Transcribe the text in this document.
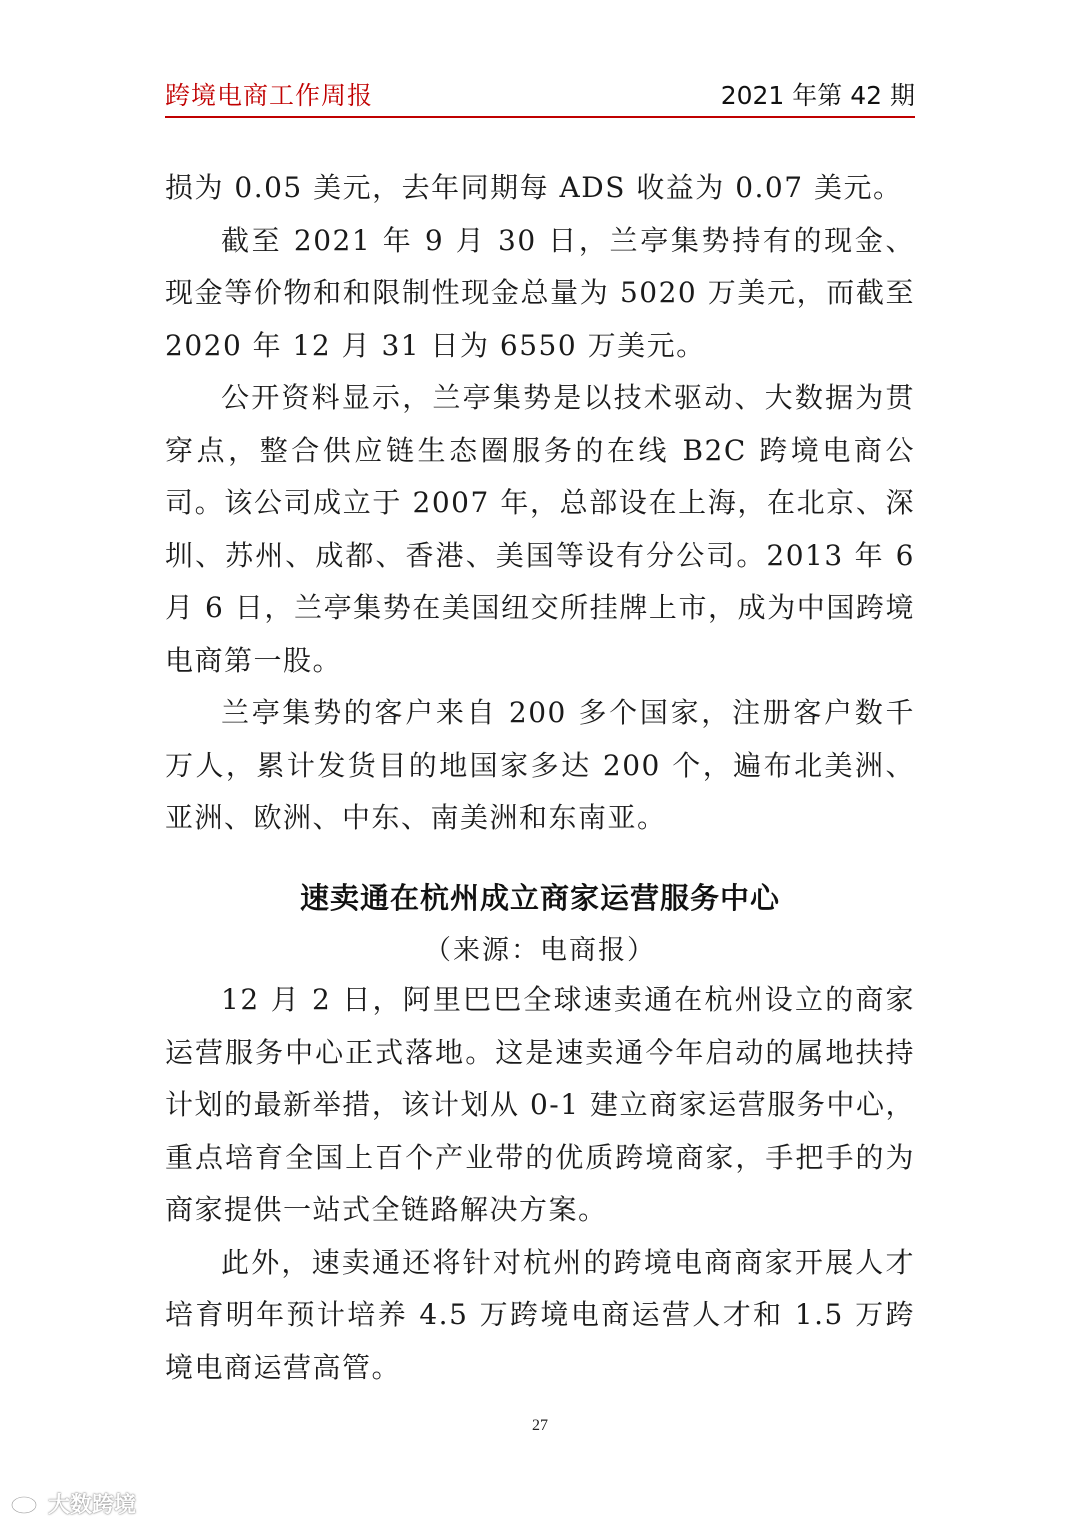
跨境电商工作周报	2021 年第 42 期

损为 0.05 美元，去年同期每 ADS 收益为 0.07 美元。

截至 2021 年 9 月 30 日，兰亭集势持有的现金、现金等价物和和限制性现金总量为 5020 万美元，而截至 2020 年 12 月 31 日为 6550 万美元。

公开资料显示，兰亭集势是以技术驱动、大数据为贯穿点，整合供应链生态圈服务的在线 B2C 跨境电商公司。该公司成立于 2007 年，总部设在上海，在北京、深圳、苏州、成都、香港、美国等设有分公司。2013 年 6 月 6 日，兰亭集势在美国纽交所挂牌上市，成为中国跨境电商第一股。

兰亭集势的客户来自 200 多个国家，注册客户数千万人，累计发货目的地国家多达 200 个，遍布北美洲、亚洲、欧洲、中东、南美洲和东南亚。

速卖通在杭州成立商家运营服务中心
（来源：电商报）

12 月 2 日，阿里巴巴全球速卖通在杭州设立的商家运营服务中心正式落地。这是速卖通今年启动的属地扶持计划的最新举措，该计划从 0-1 建立商家运营服务中心，重点培育全国上百个产业带的优质跨境商家，手把手的为商家提供一站式全链路解决方案。

此外，速卖通还将针对杭州的跨境电商商家开展人才培育明年预计培养 4.5 万跨境电商运营人才和 1.5 万跨境电商运营高管。

27
大数跨境
